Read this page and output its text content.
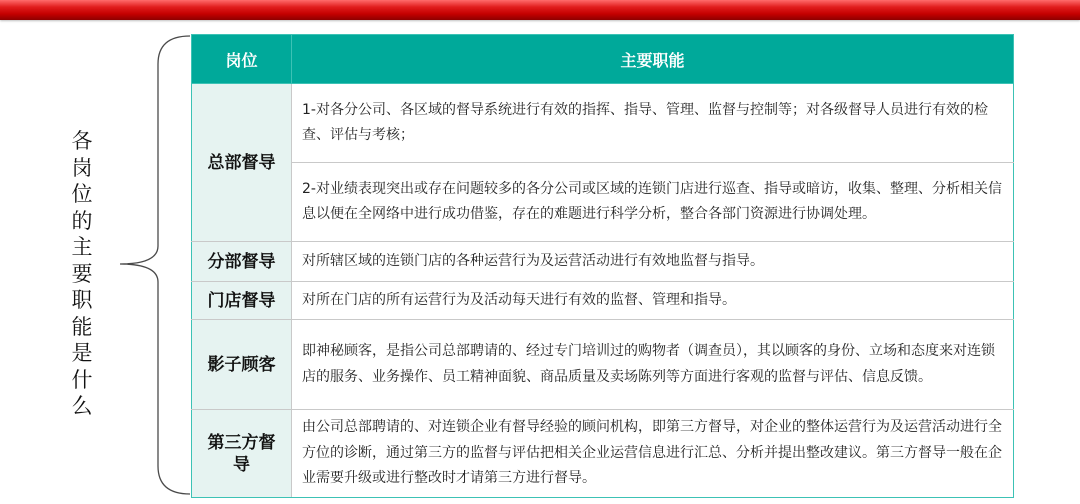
各
岗
位
的
主
要
职
能
是
什
么
岗位	主要职能
总部督导	1-对各分公司、各区域的督导系统进行有效的指挥、指导、管理、监督与控制等；对各级督导人员进行有效的检查、评估与考核；
	2-对业绩表现突出或存在问题较多的各分公司或区域的连锁门店进行巡查、指导或暗访，收集、整理、分析相关信息以便在全网络中进行成功借鉴，存在的难题进行科学分析，整合各部门资源进行协调处理。
分部督导	对所辖区域的连锁门店的各种运营行为及运营活动进行有效地监督与指导。
门店督导	对所在门店的所有运营行为及活动每天进行有效的监督、管理和指导。
影子顾客	即神秘顾客，是指公司总部聘请的、经过专门培训过的购物者（调查员），其以顾客的身份、立场和态度来对连锁店的服务、业务操作、员工精神面貌、商品质量及卖场陈列等方面进行客观的监督与评估、信息反馈。
第三方督导	由公司总部聘请的、对连锁企业有督导经验的顾问机构，即第三方督导，对企业的整体运营行为及运营活动进行全方位的诊断，通过第三方的监督与评估把相关企业运营信息进行汇总、分析并提出整改建议。第三方督导一般在企业需要升级或进行整改时才请第三方进行督导。
